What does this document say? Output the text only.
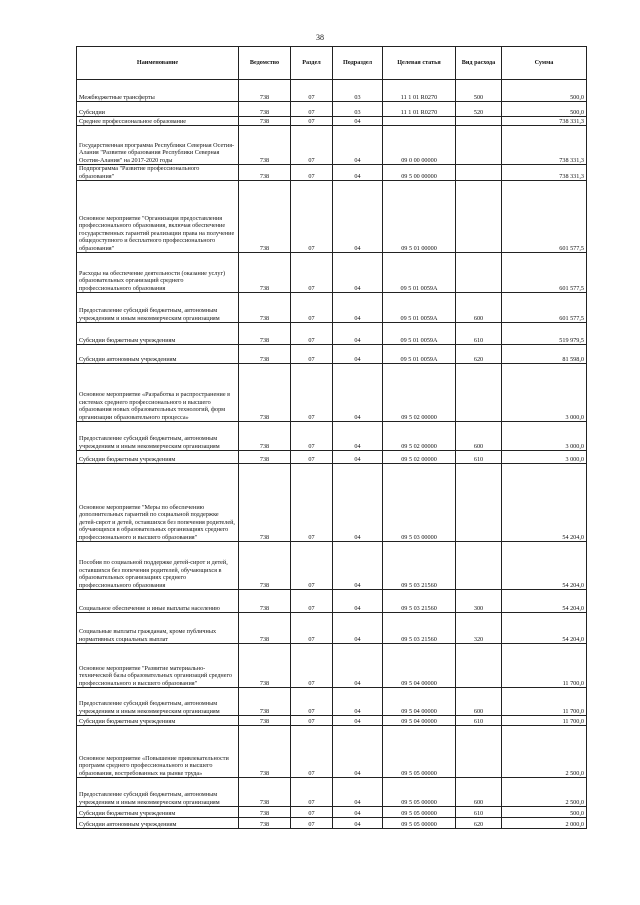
38
Наименование	Ведомство	Раздел	Подраздел	Целевая статья	Вид расхода	Сумма
Межбюджетные трансферты	738	07	03	11 1 01 R0270	500	500,0
Субсидии	738	07	03	11 1 01 R0270	520	500,0
Среднее профессиональное образование	738	07	04			738 331,3
Государственная программа Республики Северная Осетия-Алания "Развитие образования Республики Северная Осетия-Алания" на 2017-2020 годы	738	07	04	09 0 00 00000		738 331,3
Подпрограмма "Развитие профессионального образования"	738	07	04	09 5 00 00000		738 331,3
Основное мероприятие "Организация предоставления профессионального образования, включая обеспечение государственных гарантий реализации права на получение общедоступного и бесплатного профессионального образования"	738	07	04	09 5 01 00000		601 577,5
Расходы на обеспечение деятельности (оказание услуг) образовательных организаций среднего профессионального образования	738	07	04	09 5 01 0059А		601 577,5
Предоставление субсидий бюджетным, автономным учреждениям и иным некоммерческим организациям	738	07	04	09 5 01 0059А	600	601 577,5
Субсидии бюджетным учреждениям	738	07	04	09 5 01 0059А	610	519 979,5
Субсидии автономным учреждениям	738	07	04	09 5 01 0059А	620	81 598,0
Основное мероприятие «Разработка и распространение в системах среднего профессионального и высшего образования новых образовательных технологий, форм организации образовательного процесса»	738	07	04	09 5 02 00000		3 000,0
Предоставление субсидий бюджетным, автономным учреждениям и иным некоммерческим организациям	738	07	04	09 5 02 00000	600	3 000,0
Субсидии бюджетным учреждениям	738	07	04	09 5 02 00000	610	3 000,0
Основное мероприятие "Меры по обеспечению дополнительных гарантий по социальной поддержке детей-сирот и детей, оставшихся без попечения родителей, обучающихся в образовательных организациях среднего профессионального и высшего образования"	738	07	04	09 5 03 00000		54 204,0
Пособия по социальной поддержке детей-сирот и детей, оставшихся без попечения родителей, обучающихся в образовательных организациях среднего профессионального образования	738	07	04	09 5 03 21560		54 204,0
Социальное обеспечение и иные выплаты населению	738	07	04	09 5 03 21560	300	54 204,0
Социальные выплаты гражданам, кроме публичных нормативных социальных выплат	738	07	04	09 5 03 21560	320	54 204,0
Основное мероприятие "Развитие материально-технической базы образовательных организаций среднего профессионального и высшего образования"	738	07	04	09 5 04 00000		11 700,0
Предоставление субсидий бюджетным, автономным учреждениям и иным некоммерческим организациям	738	07	04	09 5 04 00000	600	11 700,0
Субсидии бюджетным учреждениям	738	07	04	09 5 04 00000	610	11 700,0
Основное мероприятие «Повышение привлекательности программ среднего профессионального и высшего образования, востребованных на рынке труда»	738	07	04	09 5 05 00000		2 500,0
Предоставление субсидий бюджетным, автономным учреждениям и иным некоммерческим организациям	738	07	04	09 5 05 00000	600	2 500,0
Субсидии бюджетным учреждениям	738	07	04	09 5 05 00000	610	500,0
Субсидии автономным учреждениям	738	07	04	09 5 05 00000	620	2 000,0
